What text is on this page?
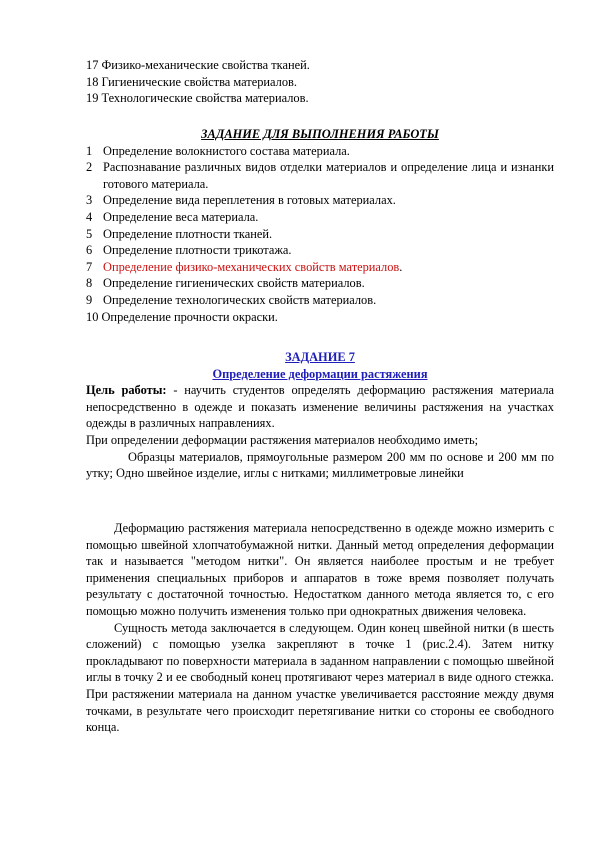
17 Физико-механические свойства тканей.

18 Гигиенические свойства материалов.

19 Технологические свойства материалов.

ЗАДАНИЕ ДЛЯ ВЫПОЛНЕНИЯ РАБОТЫ

1 Определение волокнистого состава материала.
2 Распознавание различных видов отделки материалов и определение лица и изнанки готового материала.
3 Определение вида переплетения в готовых материалах.
4 Определение веса материала.
5 Определение плотности тканей.
6 Определение плотности трикотажа.
7 Определение физико-механических свойств материалов.
8 Определение гигиенических свойств материалов.
9 Определение технологических свойств материалов.

10 Определение прочности окраски.

ЗАДАНИЕ 7

Определение деформации растяжения

Цель работы: - научить студентов определять деформацию растяжения материала непосредственно в одежде и показать изменение величины растяжения на участках одежды в различных направлениях.

При определении деформации растяжения материалов необходимо иметь;

Образцы материалов, прямоугольные размером 200 мм по основе и 200 мм по утку; Одно швейное изделие, иглы с нитками; миллиметровые линейки

Деформацию растяжения материала непосредственно в одежде можно измерить с помощью швейной хлопчатобумажной нитки. Данный метод определения деформации так и называется "методом нитки". Он является наиболее простым и не требует применения специальных приборов и аппаратов в тоже время позволяет получать результату с достаточной точностью. Недостатком данного метода является то, с его помощью можно получить изменения только при однократных движения человека.

Сущность метода заключается в следующем. Один конец швейной нитки (в шесть сложений) с помощью узелка закрепляют в точке 1 (рис.2.4). Затем нитку прокладывают по поверхности материала в заданном направлении с помощью швейной иглы в точку 2 и ее свободный конец протягивают через материал в виде одного стежка. При растяжении материала на данном участке увеличивается расстояние между двумя точками, в результате чего происходит перетягивание нитки со стороны ее свободного конца.
